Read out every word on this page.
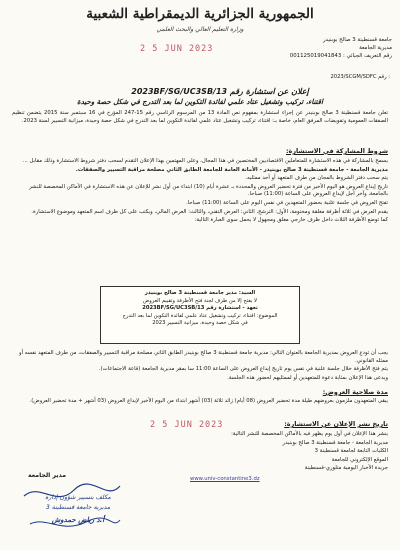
الجمهورية الجزائرية الديمقراطية الشعبية
وزارة التعليم العالي والبحث العلمي
2 5 JUN 2023
جامعة قسنطينة 3 صالح بوبنيدر
مديرية الجامعة
رقم التعريف الجبائي : 001125019041843
2023/SCGM/SDFC رقم :
إعلان عن استشارة رقم 2023BF/SG/UC3SB/13
اقتناء، تركيب وتشغيل عتاد علمي لفائدة التكوين لما بعد التدرج في شكل حصة وحيدة
تعلن جامعة قسنطينة 3 صالح بوبنيدر عن إجراء استشارة بمفهوم نص المادة 13 من المرسوم الرئاسي رقم 15-247 المؤرخ في 16 سبتمبر سنة 2015 يتضمن تنظيم الصفقات العمومية وتفويضات المرفق العام، خاصة بـ: اقتناء، تركيب وتشغيل عتاد علمي لفائدة التكوين لما بعد التدرج في شكل حصة وحيدة، ميزانية التسيير لسنة 2023.
شروط المشاركة في الاستشارة:

يسمح بالمشاركة في هذه الاستشارة للمتعاملين الاقتصاديين المختصين في هذا المجال، وعلى المهتمين بهذا الإعلان التقدم لسحب دفتر شروط الاستشارة وذلك مقابل ...

مديرية الجامعة - جامعة قسنطينة 3 صالح بوبنيدر - الأمانة العامة للجامعة الطابق الثاني مصلحة مراقبة التسيير والصفقات.

يتم سحب دفتر الشروط بالمجان من طرف المتعهد أو أحد ممثليه.

تاريخ إيداع العروض هو اليوم الأخير من فترة تحضير العروض والمحددة بـ عشرة أيام (10) ابتداء من أول نشر للإعلان عن هذه الاستشارة في الأماكن المخصصة للنشر بالجامعة، وآخر أجل لإيداع العروض على الساعة (11:00) صباحا.

تفتح العروض في جلسة علنية بحضور المتعهدين في نفس اليوم على الساعة (11:00) صباحا.

يقدم العرض في ثلاثة أظرفة مغلقة ومختومة، الأول: الترشح، الثاني: العرض التقني، والثالث: العرض المالي، ويكتب على كل ظرف اسم المتعهد وموضوع الاستشارة.

كما توضع الأظرفة الثلاث داخل ظرف خارجي مغلق ومجهول لا يحمل سوى العبارة التالية:

السيد: مدير جامعة قسنطينة 3 صالح بوبنيدر
لا يفتح إلا من طرف لجنة فتح الأظرفة وتقييم العروض
تعهد - استشارة رقم 2023BF/SG/UC3SB/13
الموضوع: اقتناء، تركيب وتشغيل عتاد علمي لفائدة التكوين لما بعد التدرج
في شكل حصة وحيدة، ميزانية التسيير 2023

يجب أن تودع العروض بمديرية الجامعة بالعنوان التالي: مديرية جامعة قسنطينة 3 صالح بوبنيدر الطابق الثاني مصلحة مراقبة التسيير والصفقات، من طرف المتعهد نفسه أو ممثله القانوني.

يتم فتح الأظرفة خلال جلسة علنية في نفس يوم تاريخ إيداع العروض على الساعة 11:00 سا بمقر مديرية الجامعة (قاعة الاجتماعات).

ويدعى هذا الإعلان بمثابة دعوة للمتعهدين أو لممثليهم لحضور هذه الجلسة.

مدة صلاحية العروض:

يبقى المتعهدون ملزمون بعروضهم طيلة مدة تحضير العروض (08 أيام) زائد ثلاثة (03) أشهر ابتداء من اليوم الأخير لإيداع العروض (03 أشهر + مدة تحضير العروض).

2 5 JUN 2023	تاريخ نشر الإعلان عن الاستشارة:

ينشر هذا الإعلان في أول يوم يظهر فيه بالأماكن المخصصة للنشر التالية:

مديرية الجامعة - جامعة قسنطينة 3 صالح بوبنيدر

الكليات التابعة لجامعة قسنطينة 3

الموقع الإلكتروني للجامعة

جريدة الأخبار اليومية متلوري-قسنطينة

www.univ-constantine3.dz
مدير الجامعة
مكلف بتسيير شؤون إدارة
مديرية جامعة قسنطينة 3
أ.د رياض حمدوش
